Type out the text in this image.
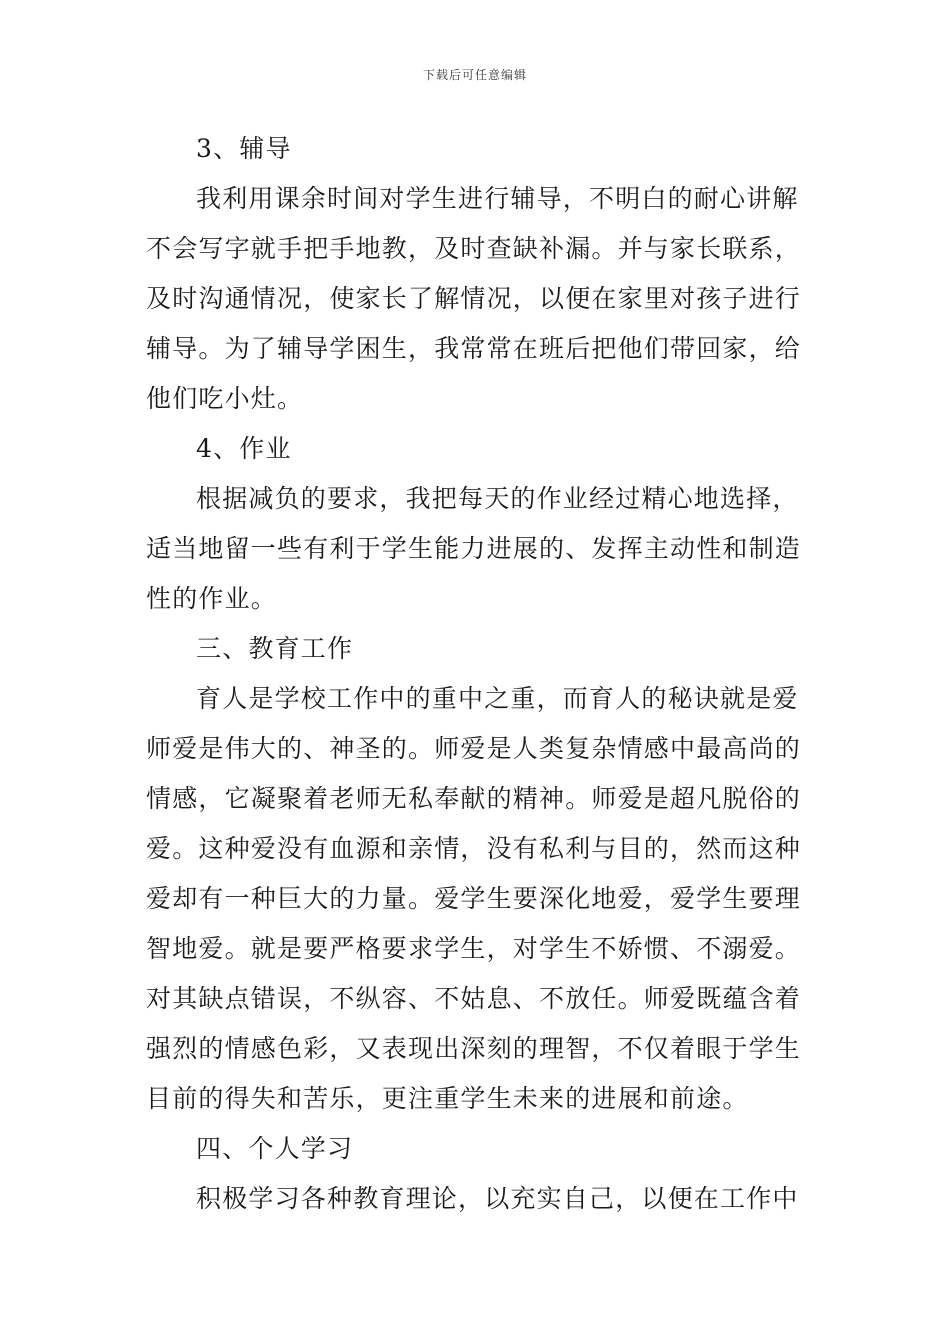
下载后可任意编辑
3、辅导
我利用课余时间对学生进行辅导，不明白的耐心讲解
不会写字就手把手地教，及时查缺补漏。并与家长联系，
及时沟通情况，使家长了解情况，以便在家里对孩子进行
辅导。为了辅导学困生，我常常在班后把他们带回家，给
他们吃小灶。
4、作业
根据减负的要求，我把每天的作业经过精心地选择，
适当地留一些有利于学生能力进展的、发挥主动性和制造
性的作业。
三、教育工作
育人是学校工作中的重中之重，而育人的秘诀就是爱
师爱是伟大的、神圣的。师爱是人类复杂情感中最高尚的
情感，它凝聚着老师无私奉献的精神。师爱是超凡脱俗的
爱。这种爱没有血源和亲情，没有私利与目的，然而这种
爱却有一种巨大的力量。爱学生要深化地爱，爱学生要理
智地爱。就是要严格要求学生，对学生不娇惯、不溺爱。
对其缺点错误，不纵容、不姑息、不放任。师爱既蕴含着
强烈的情感色彩，又表现出深刻的理智，不仅着眼于学生
目前的得失和苦乐，更注重学生未来的进展和前途。
四、个人学习
积极学习各种教育理论，以充实自己，以便在工作中
